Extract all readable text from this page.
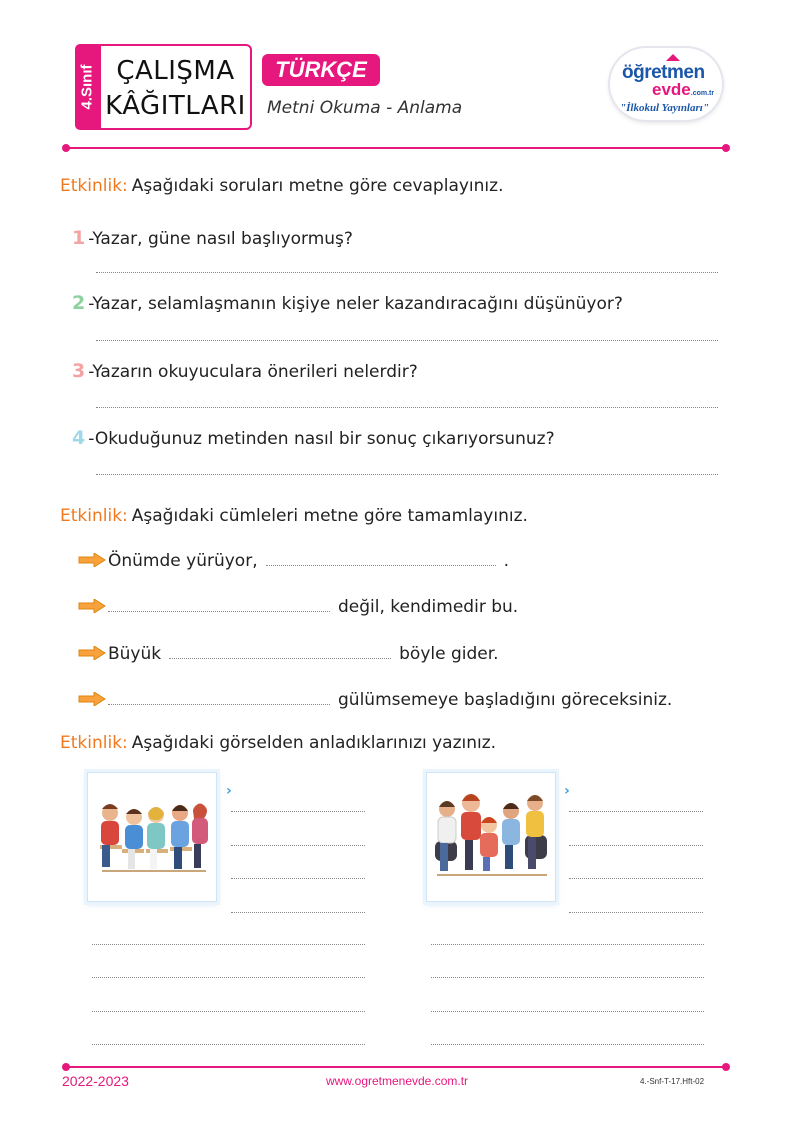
4.Sınıf ÇALIŞMA
KÂĞITLARI
TÜRKÇE
Metni Okuma - Anlama
öğretmen
evde.com.tr
"İlkokul Yayınları"
Etkinlik: Aşağıdaki soruları metne göre cevaplayınız.
1 -Yazar, güne nasıl başlıyormuş?
2 -Yazar, selamlaşmanın kişiye neler kazandıracağını düşünüyor?
3 -Yazarın okuyuculara önerileri nelerdir?
4 -Okuduğunuz metinden nasıl bir sonuç çıkarıyorsunuz?
Etkinlik: Aşağıdaki cümleleri metne göre tamamlayınız.
Önümde yürüyor,	.
değil, kendimedir bu.
Büyük	böyle gider.
gülümsemeye başladığını göreceksiniz.
Etkinlik: Aşağıdaki görselden anladıklarınızı yazınız.
›	›
2022-2023	www.ogretmenevde.com.tr	4.-Snf-T-17.Hft-02
